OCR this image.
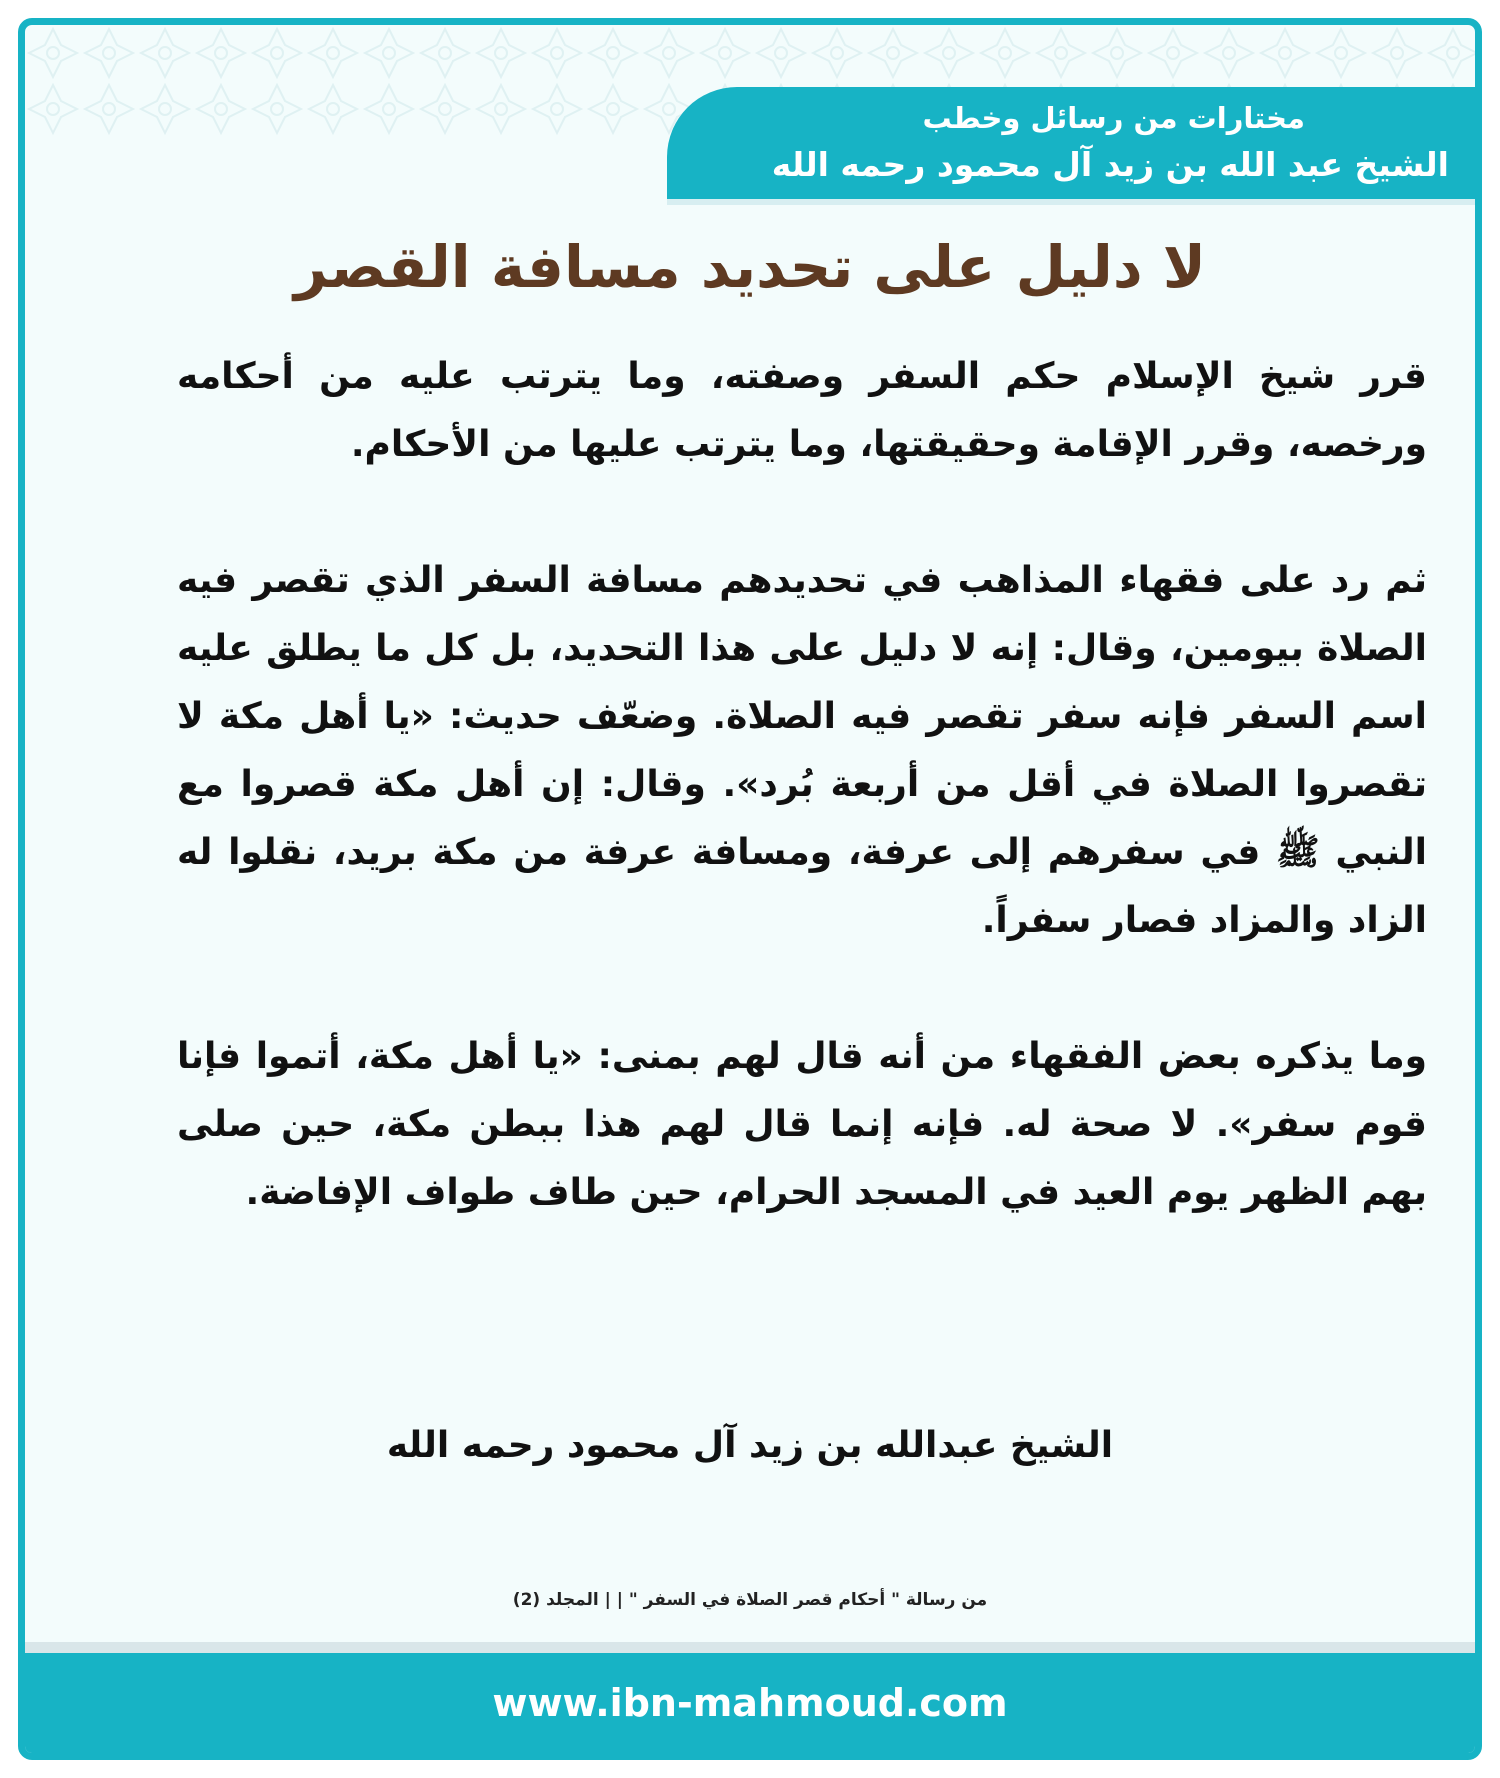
مختارات من رسائل وخطب
الشيخ عبد الله بن زيد آل محمود رحمه الله
لا دليل على تحديد مسافة القصر

قرر شيخ الإسلام حكم السفر وصفته، وما يترتب عليه من أحكامه ورخصه، وقرر الإقامة وحقيقتها، وما يترتب عليها من الأحكام.

ثم رد على فقهاء المذاهب في تحديدهم مسافة السفر الذي تقصر فيه الصلاة بيومين، وقال: إنه لا دليل على هذا التحديد، بل كل ما يطلق عليه اسم السفر فإنه سفر تقصر فيه الصلاة. وضعّف حديث: «يا أهل مكة لا تقصروا الصلاة في أقل من أربعة بُرد». وقال: إن أهل مكة قصروا مع النبي ﷺ في سفرهم إلى عرفة، ومسافة عرفة من مكة بريد، نقلوا له الزاد والمزاد فصار سفراً.

وما يذكره بعض الفقهاء من أنه قال لهم بمنى: «يا أهل مكة، أتموا فإنا قوم سفر». لا صحة له. فإنه إنما قال لهم هذا ببطن مكة، حين صلى بهم الظهر يوم العيد في المسجد الحرام، حين طاف طواف الإفاضة.

الشيخ عبدالله بن زيد آل محمود رحمه الله
من رسالة " أحكام قصر الصلاة في السفر " | | المجلد (2)
www.ibn-mahmoud.com
